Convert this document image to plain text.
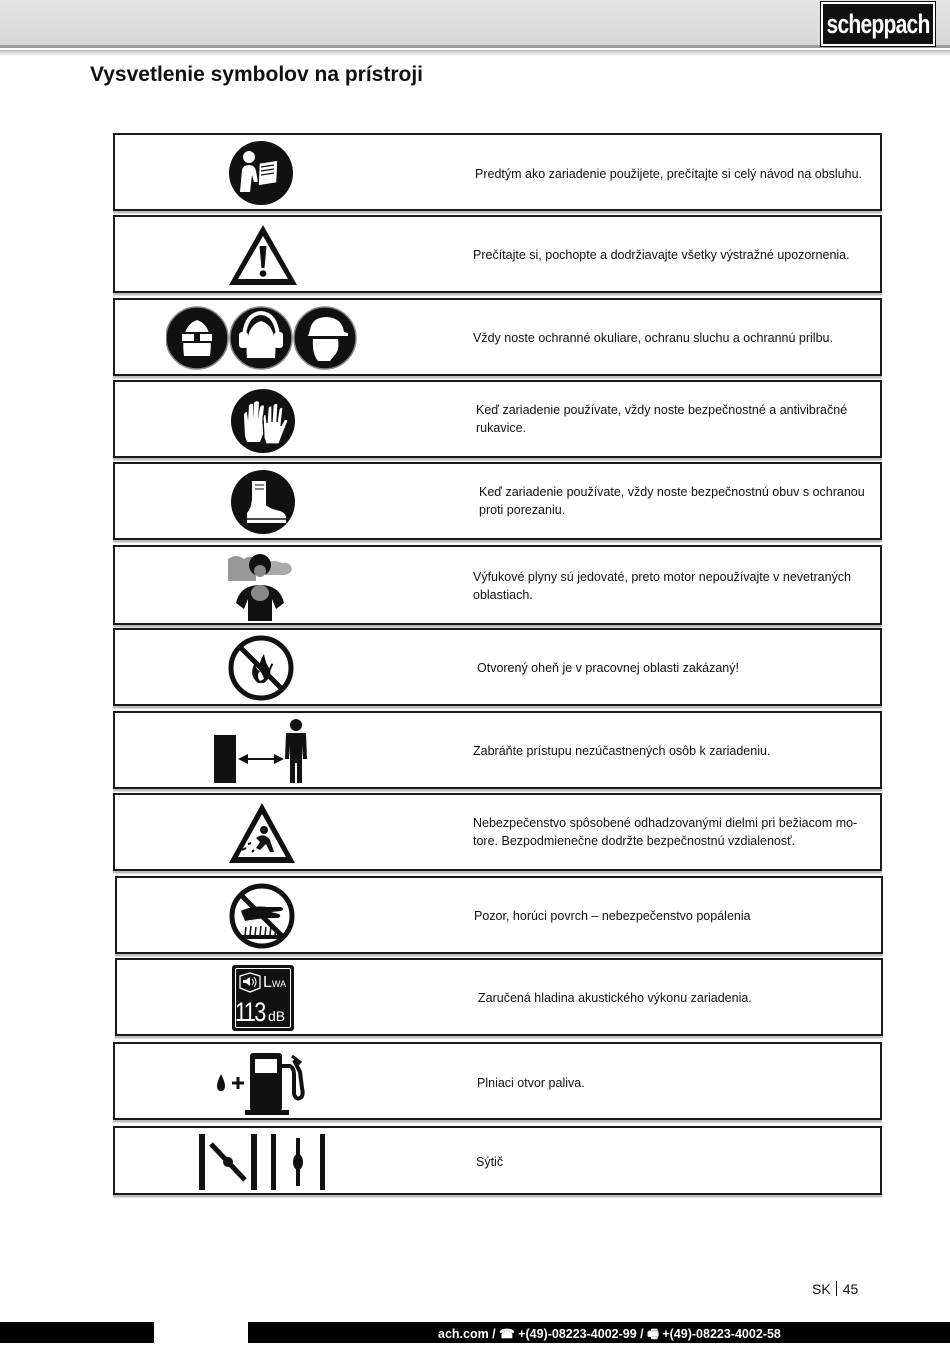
scheppach
Vysvetlenie symbolov na prístroji
Predtým ako zariadenie použijete, prečítajte si celý návod na obsluhu.
Prečítajte si, pochopte a dodržiavajte všetky výstražné upozornenia.
Vždy noste ochranné okuliare, ochranu sluchu a ochrannú prilbu.
Keď zariadenie používate, vždy noste bezpečnostné a antivibračné rukavice.
Keď zariadenie používate, vždy noste bezpečnostnú obuv s ochranou proti porezaniu.
Výfukové plyny sú jedovaté, preto motor nepoužívajte v nevetraných oblastiach.
Otvorený oheň je v pracovnej oblasti zakázaný!
Zabráňte prístupu nezúčastnených osôb k zariadeniu.
Nebezpečenstvo spôsobené odhadzovanými dielmi pri bežiacom mo-tore. Bezpodmienečne dodržte bezpečnostnú vzdialenosť.
Pozor, horúci povrch – nebezpečenstvo popálenia
LWA
113 dB
Zaručená hladina akustického výkonu zariadenia.
Plniaci otvor paliva.
Sýtič
SK 45
ach.com / ☎ +(49)-08223-4002-99 / 🖷 +(49)-08223-4002-58
